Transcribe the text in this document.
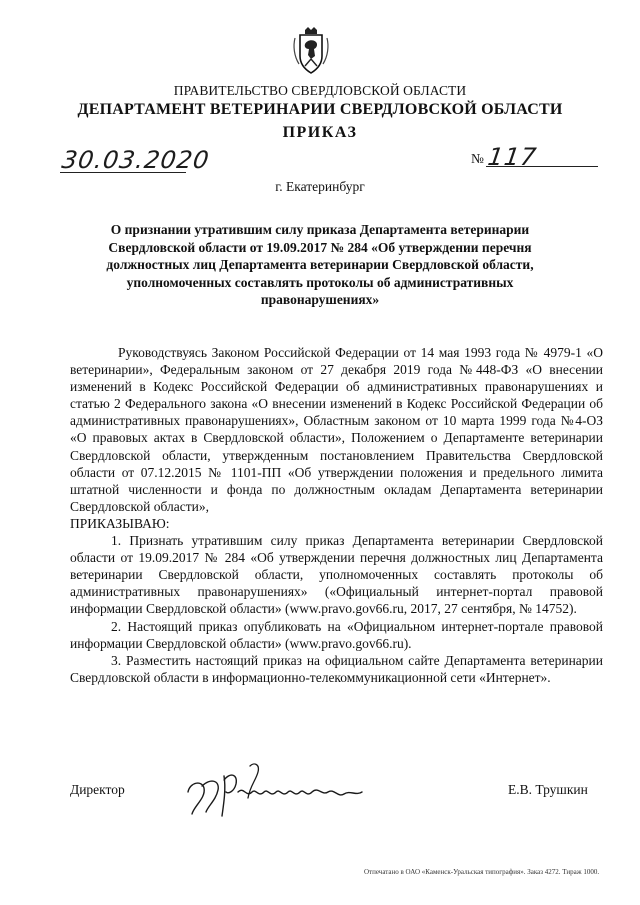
ПРАВИТЕЛЬСТВО СВЕРДЛОВСКОЙ ОБЛАСТИ
ДЕПАРТАМЕНТ ВЕТЕРИНАРИИ СВЕРДЛОВСКОЙ ОБЛАСТИ
ПРИКАЗ
30.03.2020	№ 117
г. Екатеринбург
О признании утратившим силу приказа Департамента ветеринарии
Свердловской области от 19.09.2017 № 284 «Об утверждении перечня
должностных лиц Департамента ветеринарии Свердловской области,
уполномоченных составлять протоколы об административных
правонарушениях»

Руководствуясь Законом Российской Федерации от 14 мая 1993 года № 4979-1 «О ветеринарии», Федеральным законом от 27 декабря 2019 года №448-ФЗ «О внесении изменений в Кодекс Российской Федерации об административных правонарушениях и статью 2 Федерального закона «О внесении изменений в Кодекс Российской Федерации об административных правонарушениях», Областным законом от 10 марта 1999 года №4-ОЗ «О правовых актах в Свердловской области», Положением о Департаменте ветеринарии Свердловской области, утвержденным постановлением Правительства Свердловской области от 07.12.2015 № 1101-ПП «Об утверждении положения и предельного лимита штатной численности и фонда по должностным окладам Департамента ветеринарии Свердловской области»,

ПРИКАЗЫВАЮ:

1. Признать утратившим силу приказ Департамента ветеринарии Свердловской области от 19.09.2017 № 284 «Об утверждении перечня должностных лиц Департамента ветеринарии Свердловской области, уполномоченных составлять протоколы об административных правонарушениях» («Официальный интернет-портал правовой информации Свердловской области» (www.pravo.gov66.ru, 2017, 27 сентября, № 14752).

2. Настоящий приказ опубликовать на «Официальном интернет-портале правовой информации Свердловской области» (www.pravo.gov66.ru).

3. Разместить настоящий приказ на официальном сайте Департамента ветеринарии Свердловской области в информационно-телекоммуникационной сети «Интернет».

Директор	Е.В. Трушкин
Отпечатано в ОАО «Каменск-Уральская типография». Заказ 4272. Тираж 1000.
